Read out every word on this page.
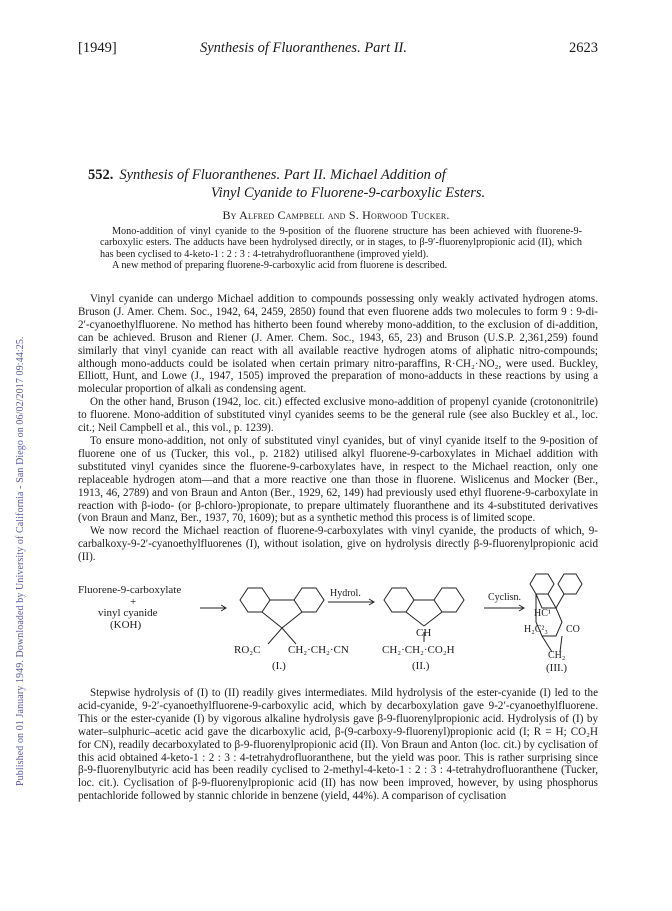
Published on 01 January 1949. Downloaded by University of California - San Diego on 06/02/2017 09:44:25.
[1949]	Synthesis of Fluoranthenes. Part II.	2623
552. Synthesis of Fluoranthenes. Part II. Michael Addition of
Vinyl Cyanide to Fluorene-9-carboxylic Esters.
By Alfred Campbell and S. Horwood Tucker.

Mono-addition of vinyl cyanide to the 9-position of the fluorene structure has been achieved with fluorene-9-carboxylic esters. The adducts have been hydrolysed directly, or in stages, to β-9′-fluorenylpropionic acid (II), which has been cyclised to 4-keto-1 : 2 : 3 : 4-tetrahydrofluoranthene (improved yield).

A new method of preparing fluorene-9-carboxylic acid from fluorene is described.

Vinyl cyanide can undergo Michael addition to compounds possessing only weakly activated hydrogen atoms. Bruson (J. Amer. Chem. Soc., 1942, 64, 2459, 2850) found that even fluorene adds two molecules to form 9 : 9-di-2′-cyanoethylfluorene. No method has hitherto been found whereby mono-addition, to the exclusion of di-addition, can be achieved. Bruson and Riener (J. Amer. Chem. Soc., 1943, 65, 23) and Bruson (U.S.P. 2,361,259) found similarly that vinyl cyanide can react with all available reactive hydrogen atoms of aliphatic nitro-compounds; although mono-adducts could be isolated when certain primary nitro-paraffins, R·CH₂·NO₂, were used. Buckley, Elliott, Hunt, and Lowe (J., 1947, 1505) improved the preparation of mono-adducts in these reactions by using a molecular proportion of alkali as condensing agent.

On the other hand, Bruson (1942, loc. cit.) effected exclusive mono-addition of propenyl cyanide (crotononitrile) to fluorene. Mono-addition of substituted vinyl cyanides seems to be the general rule (see also Buckley et al., loc. cit.; Neil Campbell et al., this vol., p. 1239).

To ensure mono-addition, not only of substituted vinyl cyanides, but of vinyl cyanide itself to the 9-position of fluorene one of us (Tucker, this vol., p. 2182) utilised alkyl fluorene-9-carboxylates in Michael addition with substituted vinyl cyanides since the fluorene-9-carboxylates have, in respect to the Michael reaction, only one replaceable hydrogen atom—and that a more reactive one than those in fluorene. Wislicenus and Mocker (Ber., 1913, 46, 2789) and von Braun and Anton (Ber., 1929, 62, 149) had previously used ethyl fluorene-9-carboxylate in reaction with β-iodo- (or β-chloro-)propionate, to prepare ultimately fluoranthene and its 4-substituted derivatives (von Braun and Manz, Ber., 1937, 70, 1609); but as a synthetic method this process is of limited scope.

We now record the Michael reaction of fluorene-9-carboxylates with vinyl cyanide, the products of which, 9-carbalkoxy-9-2′-cyanoethylfluorenes (I), without isolation, give on hydrolysis directly β-9-fluorenylpropionic acid (II).

Fluorene-9-carboxylate
+
vinyl cyanide
(KOH)
Hydrol.	Cyclisn.
RO₂C	CH₂·CH₂·CN
(I.)
CH
CH₂·CH₂·CO₂H
(II.)
HC¹
H₂C²₃ CO
CH₂
(III.)

Stepwise hydrolysis of (I) to (II) readily gives intermediates. Mild hydrolysis of the ester-cyanide (I) led to the acid-cyanide, 9-2′-cyanoethylfluorene-9-carboxylic acid, which by decarboxylation gave 9-2′-cyanoethylfluorene. This or the ester-cyanide (I) by vigorous alkaline hydrolysis gave β-9-fluorenylpropionic acid. Hydrolysis of (I) by water–sulphuric–acetic acid gave the dicarboxylic acid, β-(9-carboxy-9-fluorenyl)propionic acid (I; R = H; CO₂H for CN), readily decarboxylated to β-9-fluorenylpropionic acid (II). Von Braun and Anton (loc. cit.) by cyclisation of this acid obtained 4-keto-1 : 2 : 3 : 4-tetrahydrofluoranthene, but the yield was poor. This is rather surprising since β-9-fluorenylbutyric acid has been readily cyclised to 2-methyl-4-keto-1 : 2 : 3 : 4-tetrahydrofluoranthene (Tucker, loc. cit.). Cyclisation of β-9-fluorenylpropionic acid (II) has now been improved, however, by using phosphorus pentachloride followed by stannic chloride in benzene (yield, 44%). A comparison of cyclisation
